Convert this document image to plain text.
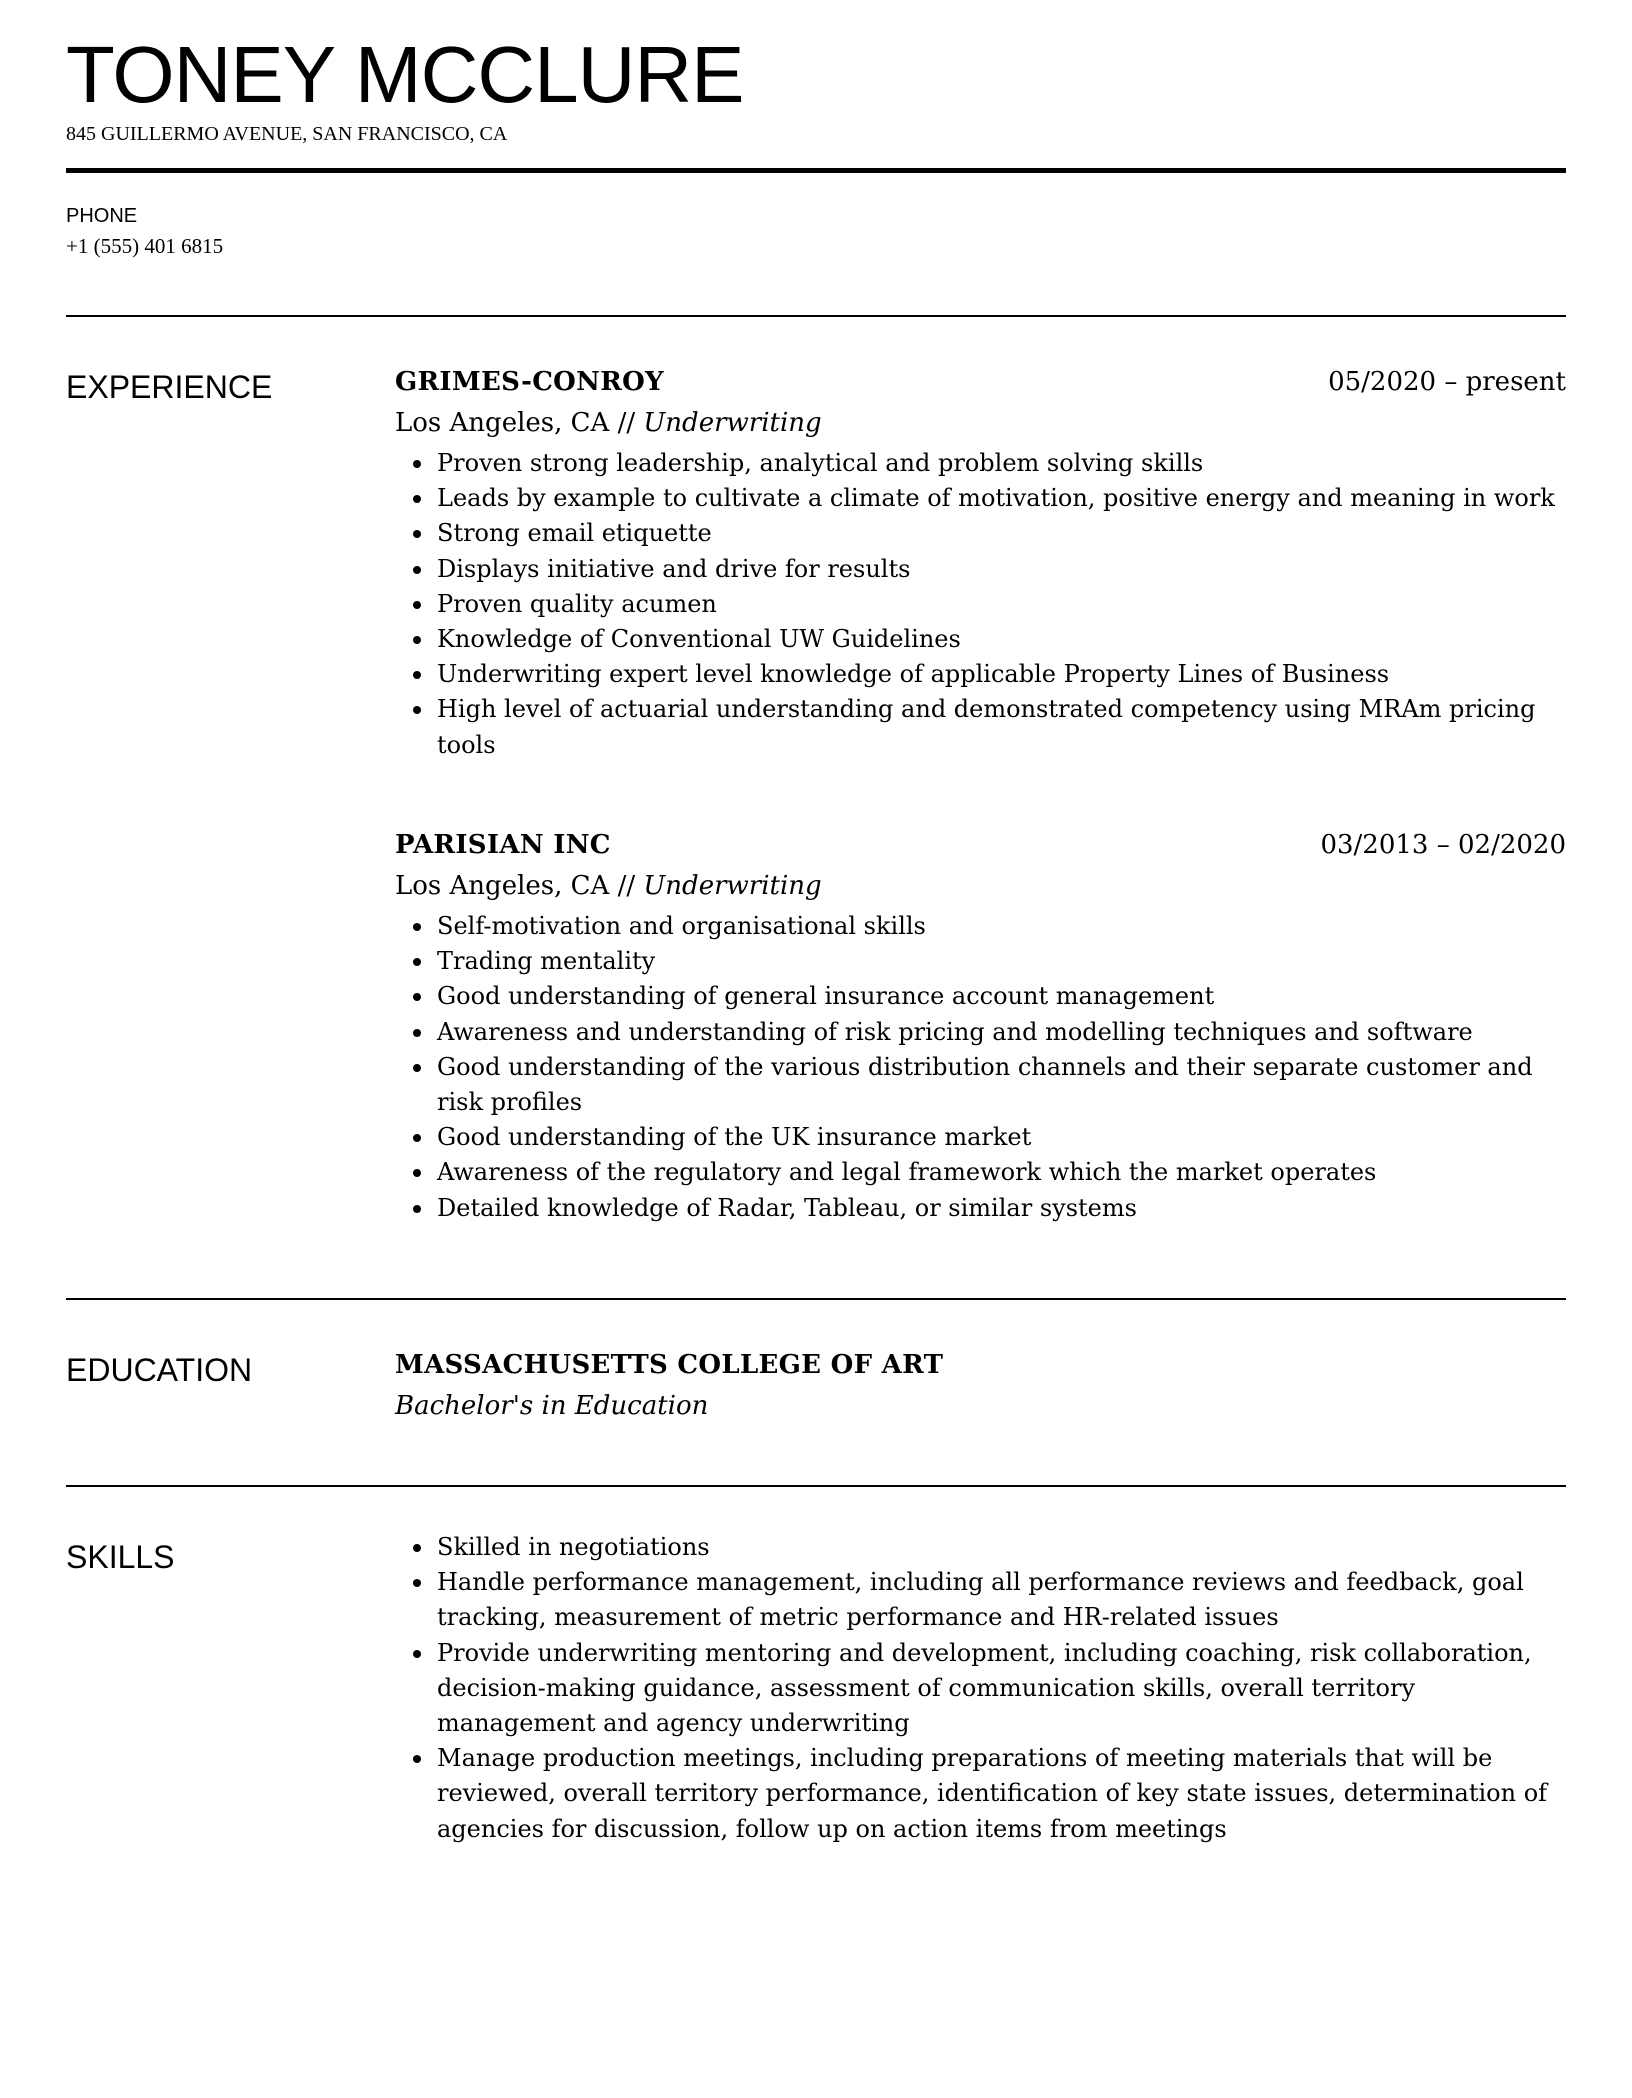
TONEY MCCLURE
845 GUILLERMO AVENUE, SAN FRANCISCO, CA
PHONE
+1 (555) 401 6815
EXPERIENCE	GRIMES-CONROY	05/2020 – present
Los Angeles, CA // Underwriting
Proven strong leadership, analytical and problem solving skills
Leads by example to cultivate a climate of motivation, positive energy and meaning in work
Strong email etiquette
Displays initiative and drive for results
Proven quality acumen
Knowledge of Conventional UW Guidelines
Underwriting expert level knowledge of applicable Property Lines of Business
High level of actuarial understanding and demonstrated competency using MRAm pricing tools
PARISIAN INC	03/2013 – 02/2020
Los Angeles, CA // Underwriting
Self-motivation and organisational skills
Trading mentality
Good understanding of general insurance account management
Awareness and understanding of risk pricing and modelling techniques and software
Good understanding of the various distribution channels and their separate customer and risk profiles
Good understanding of the UK insurance market
Awareness of the regulatory and legal framework which the market operates
Detailed knowledge of Radar, Tableau, or similar systems
EDUCATION	MASSACHUSETTS COLLEGE OF ART
Bachelor's in Education
SKILLS	Skilled in negotiations
Handle performance management, including all performance reviews and feedback, goal tracking, measurement of metric performance and HR-related issues
Provide underwriting mentoring and development, including coaching, risk collaboration, decision-making guidance, assessment of communication skills, overall territory management and agency underwriting
Manage production meetings, including preparations of meeting materials that will be reviewed, overall territory performance, identification of key state issues, determination of agencies for discussion, follow up on action items from meetings
